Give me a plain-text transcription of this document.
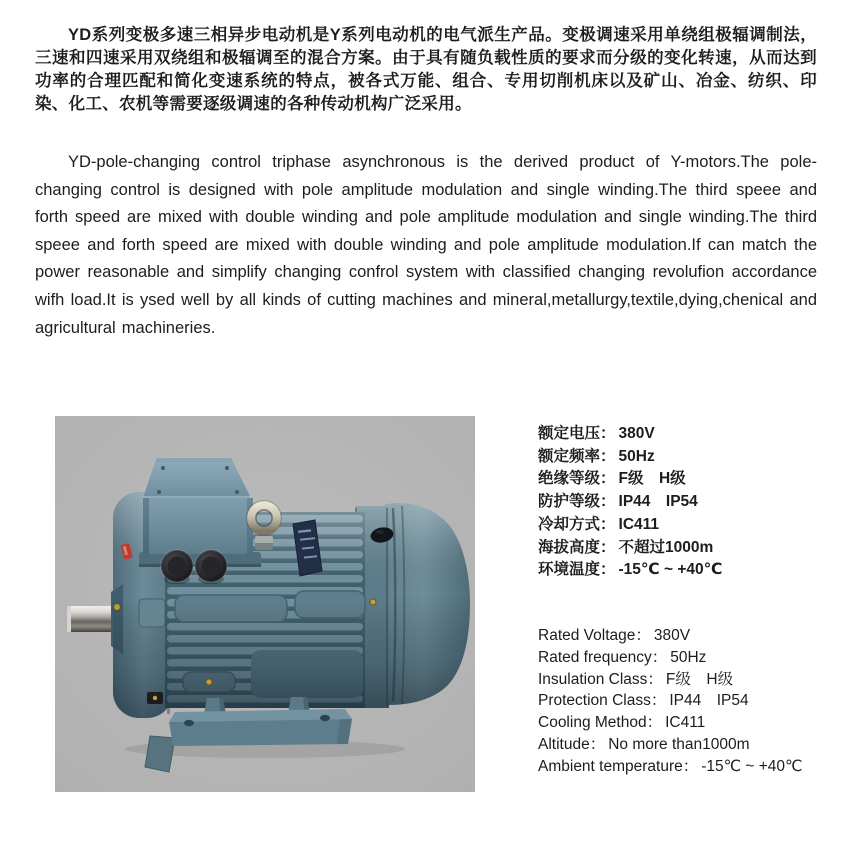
YD系列变极多速三相异步电动机是Y系列电动机的电气派生产品。变极调速采用单绕组极辐调制法，三速和四速采用双绕组和极辐调至的混合方案。由于具有随负载性质的要求而分级的变化转速，从而达到功率的合理匹配和简化变速系统的特点，被各式万能、组合、专用切削机床以及矿山、冶金、纺织、印染、化工、农机等需要逐级调速的各种传动机构广泛采用。

YD-pole-changing control triphase asynchronous is the derived product of Y-motors.The pole-changing control is designed with pole amplitude modulation and single winding.The third speee and forth speed are mixed with double winding and pole amplitude modulation and single winding.The third speee and forth speed are mixed with double winding and pole amplitude modulation.If can match the power reasonable and simplify changing confrol system with classified changing revolufion accordance wifh load.It is ysed well by all kinds of cutting machines and mineral,metallurgy,textile,dying,chenical and agricultural machineries.

额定电压： 380V
额定频率： 50Hz
绝缘等级： F级　H级
防护等级： IP44　IP54
冷却方式： IC411
海拔高度： 不超过1000m
环境温度： -15℃ ~ +40℃
Rated Voltage： 380V
Rated frequency： 50Hz
Insulation Class： F级　H级
Protection Class： IP44　IP54
Cooling Method： IC411
Altitude： No more than1000m
Ambient temperature： -15℃ ~ +40℃
